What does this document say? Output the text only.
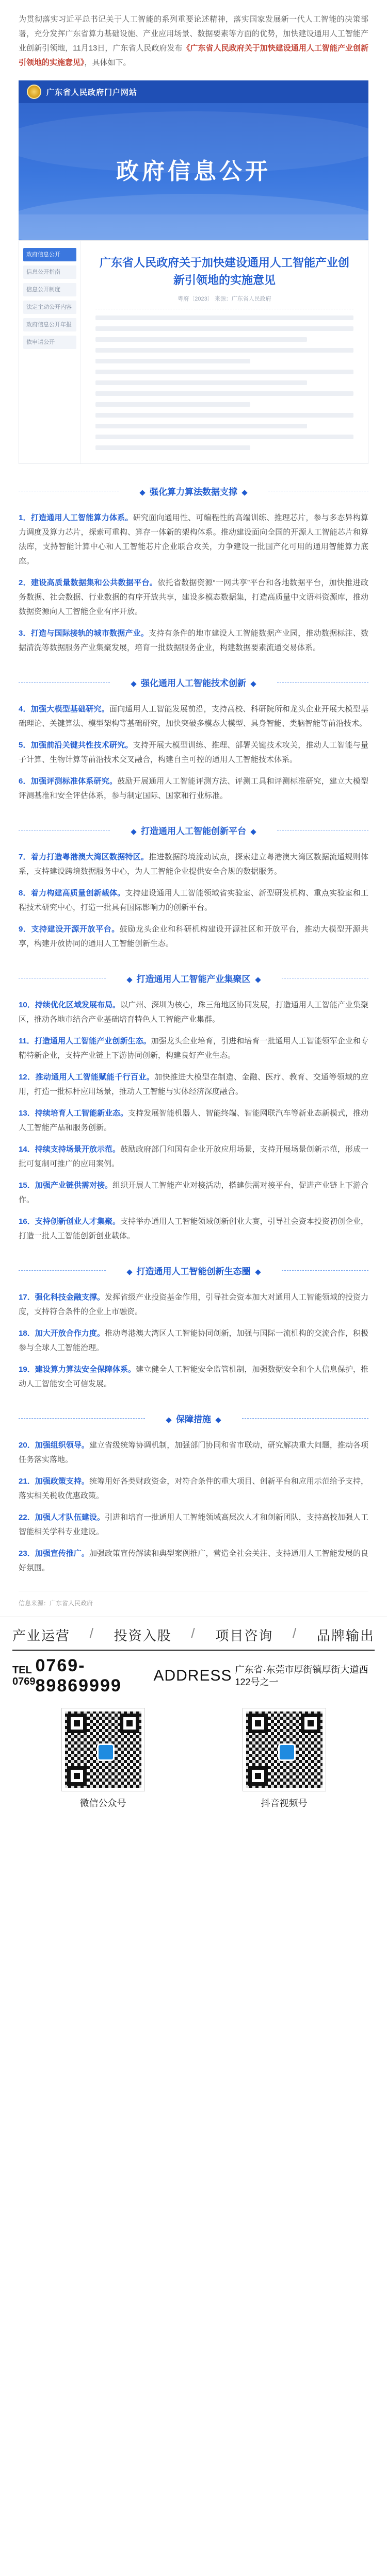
为贯彻落实习近平总书记关于人工智能的系列重要论述精神，落实国家发展新一代人工智能的决策部署，充分发挥广东省算力基础设施、产业应用场景、数据要素等方面的优势，加快建设通用人工智能产业创新引领地，11月13日，广东省人民政府发布《广东省人民政府关于加快建设通用人工智能产业创新引领地的实施意见》，具体如下。
广东省人民政府门户网站
政府信息公开
政府信息公开
信息公开指南
信息公开制度
法定主动公开内容
政府信息公开年报
依申请公开
广东省人民政府关于加快建设通用人工智能产业创新引领地的实施意见
粤府〔2023〕 来源：广东省人民政府
强化算力算法数据支撑

1．打造通用人工智能算力体系。研究面向通用性、可编程性的高端训练、推理芯片，参与多态异构算力调度及算力芯片，探索可重构、算存一体新的架构体系。推动建设面向全国的开源人工智能芯片和算法库，支持智能计算中心和人工智能芯片企业联合攻关，力争建设一批国产化可用的通用智能算力底座。

2．建设高质量数据集和公共数据平台。依托省数据资源“一网共享”平台和各地数据平台，加快推进政务数据、社会数据、行业数据的有序开放共享，建设多模态数据集，打造高质量中文语料资源库，推动数据资源向人工智能企业有序开放。

3．打造与国际接轨的城市数据产业。支持有条件的地市建设人工智能数据产业园，推动数据标注、数据清洗等数据服务产业集聚发展，培育一批数据服务企业，构建数据要素流通交易体系。

强化通用人工智能技术创新

4．加强大模型基础研究。面向通用人工智能发展前沿，支持高校、科研院所和龙头企业开展大模型基础理论、关键算法、模型架构等基础研究，加快突破多模态大模型、具身智能、类脑智能等前沿技术。

5．加强前沿关键共性技术研究。支持开展大模型训练、推理、部署关键技术攻关，推动人工智能与量子计算、生物计算等前沿技术交叉融合，构建自主可控的通用人工智能技术体系。

6．加强评测标准体系研究。鼓励开展通用人工智能评测方法、评测工具和评测标准研究，建立大模型评测基准和安全评估体系，参与制定国际、国家和行业标准。

打造通用人工智能创新平台

7．着力打造粤港澳大湾区数据特区。推进数据跨境流动试点，探索建立粤港澳大湾区数据流通规则体系，支持建设跨境数据服务中心，为人工智能企业提供安全合规的数据服务。

8．着力构建高质量创新载体。支持建设通用人工智能领域省实验室、新型研发机构、重点实验室和工程技术研究中心，打造一批具有国际影响力的创新平台。

9．支持建设开源开放平台。鼓励龙头企业和科研机构建设开源社区和开放平台，推动大模型开源共享，构建开放协同的通用人工智能创新生态。

打造通用人工智能产业集聚区

10．持续优化区域发展布局。以广州、深圳为核心，珠三角地区协同发展，打造通用人工智能产业集聚区，推动各地市结合产业基础培育特色人工智能产业集群。

11．打造通用人工智能产业创新生态。加强龙头企业培育，引进和培育一批通用人工智能领军企业和专精特新企业，支持产业链上下游协同创新，构建良好产业生态。

12．推动通用人工智能赋能千行百业。加快推进大模型在制造、金融、医疗、教育、交通等领域的应用，打造一批标杆应用场景，推动人工智能与实体经济深度融合。

13．持续培育人工智能新业态。支持发展智能机器人、智能终端、智能网联汽车等新业态新模式，推动人工智能产品和服务创新。

14．持续支持场景开放示范。鼓励政府部门和国有企业开放应用场景，支持开展场景创新示范，形成一批可复制可推广的应用案例。

15．加强产业链供需对接。组织开展人工智能产业对接活动，搭建供需对接平台，促进产业链上下游合作。

16．支持创新创业人才集聚。支持举办通用人工智能领域创新创业大赛，引导社会资本投资初创企业，打造一批人工智能创新创业载体。

打造通用人工智能创新生态圈

17．强化科技金融支撑。发挥省级产业投资基金作用，引导社会资本加大对通用人工智能领域的投资力度，支持符合条件的企业上市融资。

18．加大开放合作力度。推动粤港澳大湾区人工智能协同创新，加强与国际一流机构的交流合作，积极参与全球人工智能治理。

19．建设算力算法安全保障体系。建立健全人工智能安全监管机制，加强数据安全和个人信息保护，推动人工智能安全可信发展。

保障措施

20．加强组织领导。建立省级统筹协调机制，加强部门协同和省市联动，研究解决重大问题，推动各项任务落实落地。

21．加强政策支持。统筹用好各类财政资金，对符合条件的重大项目、创新平台和应用示范给予支持，落实相关税收优惠政策。

22．加强人才队伍建设。引进和培育一批通用人工智能领域高层次人才和创新团队，支持高校加强人工智能相关学科专业建设。

23．加强宣传推广。加强政策宣传解读和典型案例推广，营造全社会关注、支持通用人工智能发展的良好氛围。

信息来源：广东省人民政府
产业运营 / 投资入股 / 项目咨询 / 品牌输出
TEL 0769
0769-89869999
ADDRESS 广东省·东莞市厚街镇厚街大道西122号之一
微信公众号	抖音视频号
